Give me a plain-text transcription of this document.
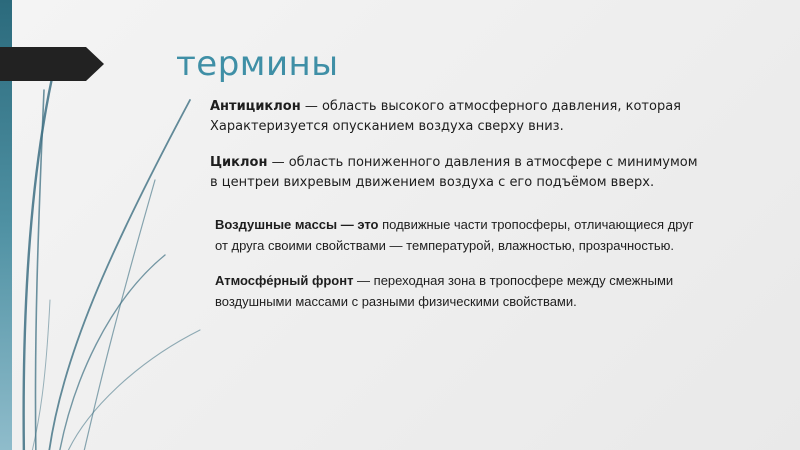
термины

Антициклон — область высокого атмосферного давления, которая
Характеризуется опусканием воздуха сверху вниз.

Циклон — область пониженного давления в атмосфере с минимумом
в центреи вихревым движением воздуха с его подъёмом вверх.

Воздушные массы — это подвижные части тропосферы, отличающиеся друг
от друга своими свойствами — температурой, влажностью, прозрачностью.

Атмосфе́рный фронт — переходная зона в тропосфере между смежными
воздушными массами с разными физическими свойствами.
